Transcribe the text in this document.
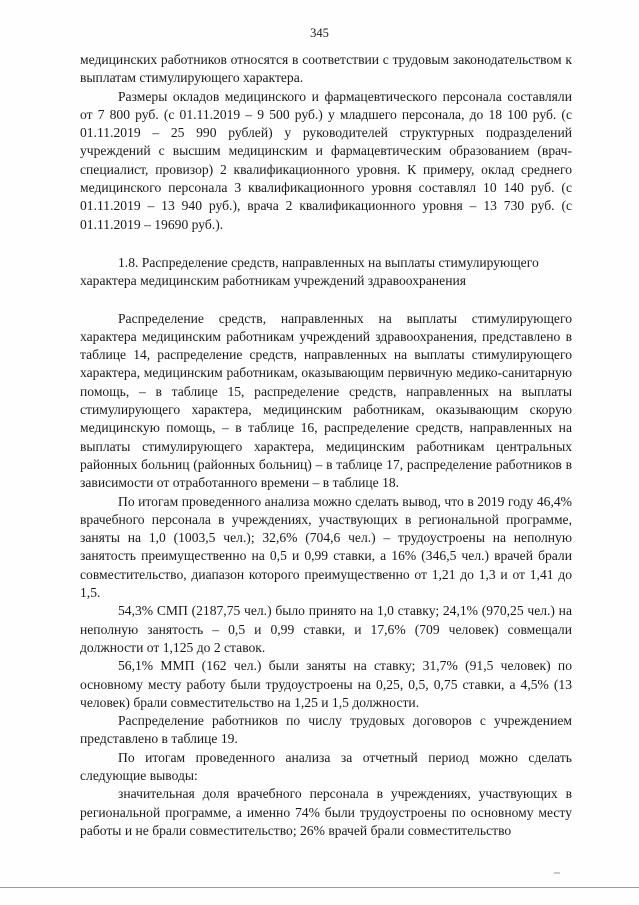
345

медицинских работников относятся в соответствии с трудовым законодательством к выплатам стимулирующего характера.

Размеры окладов медицинского и фармацевтического персонала составляли от 7 800 руб. (с 01.11.2019 – 9 500 руб.) у младшего персонала, до 18 100 руб. (с 01.11.2019 – 25 990 рублей) у руководителей структурных подразделений учреждений с высшим медицинским и фармацевтическим образованием (врач-специалист, провизор) 2 квалификационного уровня. К примеру, оклад среднего медицинского персонала 3 квалификационного уровня составлял 10 140 руб. (с 01.11.2019 – 13 940 руб.), врача 2 квалификационного уровня – 13 730 руб. (с 01.11.2019 – 19690 руб.).

1.8. Распределение средств, направленных на выплаты стимулирующего характера медицинским работникам учреждений здравоохранения

Распределение средств, направленных на выплаты стимулирующего характера медицинским работникам учреждений здравоохранения, представлено в таблице 14, распределение средств, направленных на выплаты стимулирующего характера, медицинским работникам, оказывающим первичную медико-санитарную помощь, – в таблице 15, распределение средств, направленных на выплаты стимулирующего характера, медицинским работникам, оказывающим скорую медицинскую помощь, – в таблице 16, распределение средств, направленных на выплаты стимулирующего характера, медицинским работникам центральных районных больниц (районных больниц) – в таблице 17, распределение работников в зависимости от отработанного времени – в таблице 18.

По итогам проведенного анализа можно сделать вывод, что в 2019 году 46,4% врачебного персонала в учреждениях, участвующих в региональной программе, заняты на 1,0 (1003,5 чел.); 32,6% (704,6 чел.) – трудоустроены на неполную занятость преимущественно на 0,5 и 0,99 ставки, а 16% (346,5 чел.) врачей брали совместительство, диапазон которого преимущественно от 1,21 до 1,3 и от 1,41 до 1,5.

54,3% СМП (2187,75 чел.) было принято на 1,0 ставку; 24,1% (970,25 чел.) на неполную занятость – 0,5 и 0,99 ставки, и 17,6% (709 человек) совмещали должности от 1,125 до 2 ставок.

56,1% ММП (162 чел.) были заняты на ставку; 31,7% (91,5 человек) по основному месту работу были трудоустроены на 0,25, 0,5, 0,75 ставки, а 4,5% (13 человек) брали совместительство на 1,25 и 1,5 должности.

Распределение работников по числу трудовых договоров с учреждением представлено в таблице 19.

По итогам проведенного анализа за отчетный период можно сделать следующие выводы:

значительная доля врачебного персонала в учреждениях, участвующих в региональной программе, а именно 74% были трудоустроены по основному месту работы и не брали совместительство; 26% врачей брали совместительство
